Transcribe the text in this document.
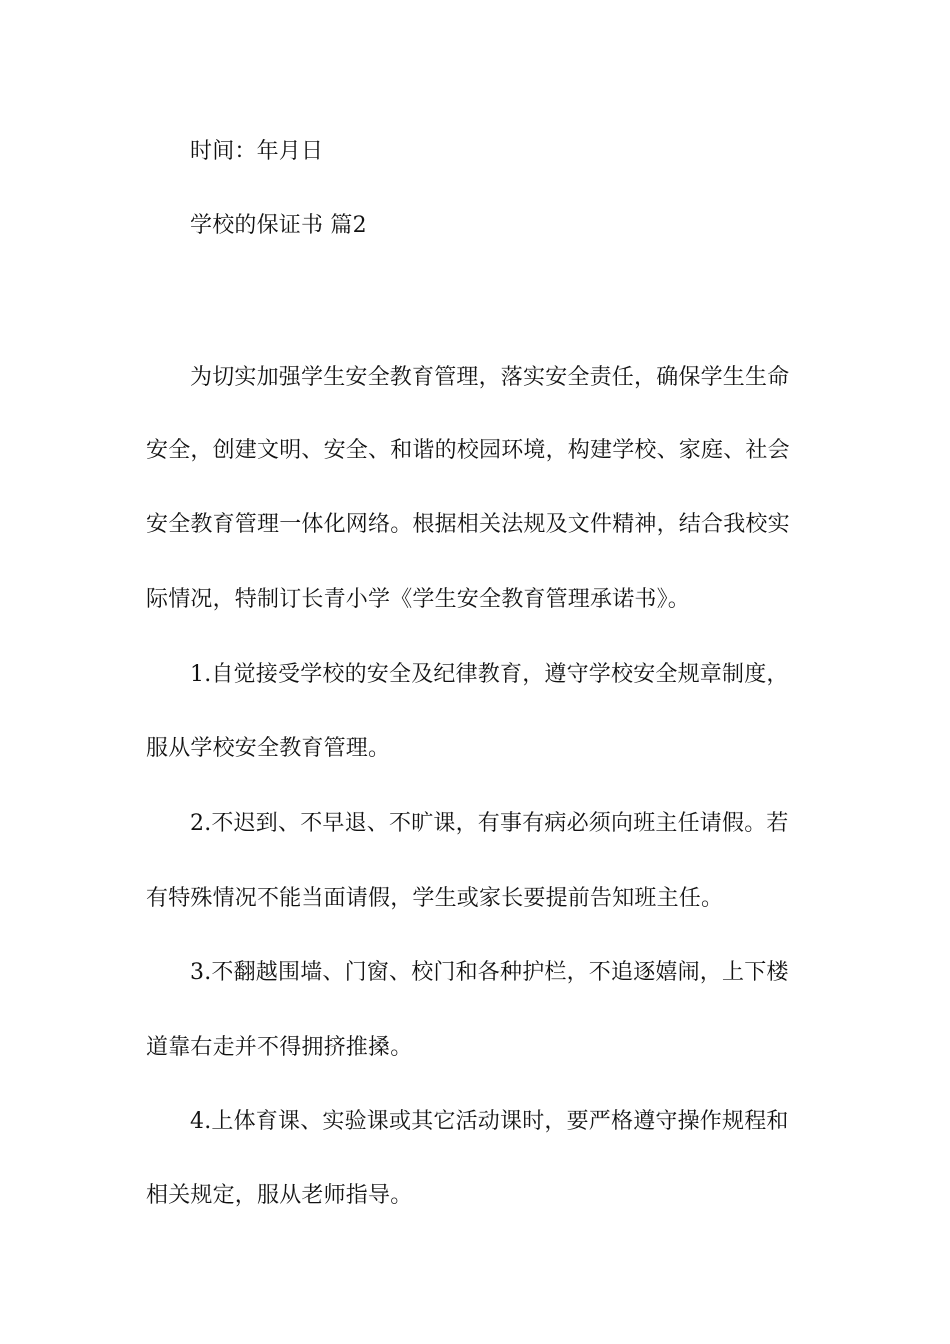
时间：年月日
学校的保证书 篇2
为切实加强学生安全教育管理，落实安全责任，确保学生生命
安全，创建文明、安全、和谐的校园环境，构建学校、家庭、社会
安全教育管理一体化网络。根据相关法规及文件精神，结合我校实
际情况，特制订长青小学《学生安全教育管理承诺书》。
1.自觉接受学校的安全及纪律教育，遵守学校安全规章制度，
服从学校安全教育管理。
2.不迟到、不早退、不旷课，有事有病必须向班主任请假。若
有特殊情况不能当面请假，学生或家长要提前告知班主任。
3.不翻越围墙、门窗、校门和各种护栏，不追逐嬉闹，上下楼
道靠右走并不得拥挤推搡。
4.上体育课、实验课或其它活动课时，要严格遵守操作规程和
相关规定，服从老师指导。
